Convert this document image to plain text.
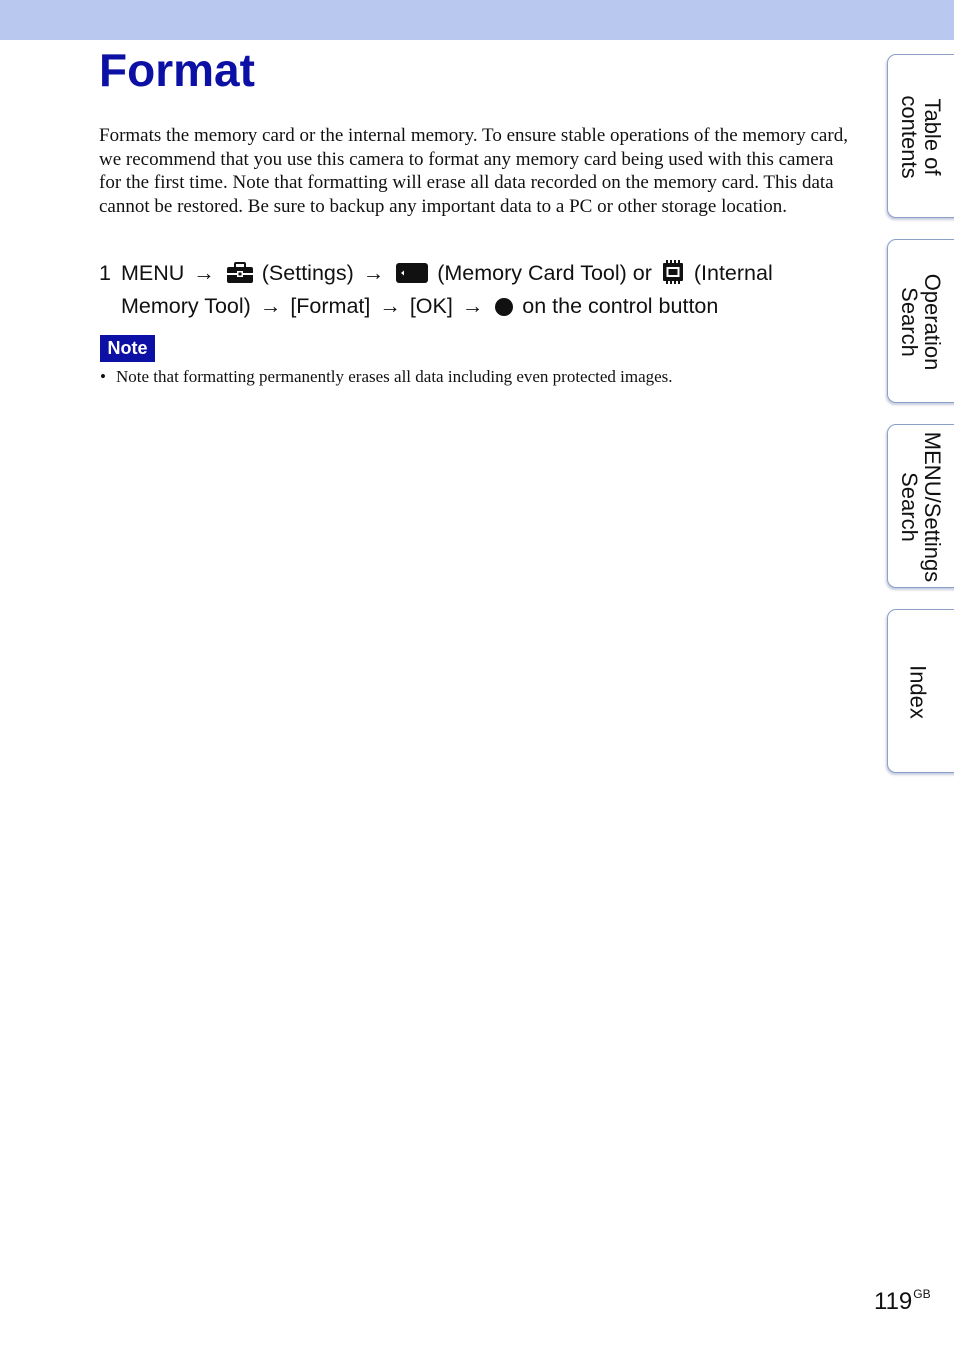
Format

Formats the memory card or the internal memory. To ensure stable operations of the memory card, we recommend that you use this camera to format any memory card being used with this camera for the first time. Note that formatting will erase all data recorded on the memory card. This data cannot be restored. Be sure to backup any important data to a PC or other storage location.

1 MENU → (Settings) → (Memory Card Tool) or (Internal
Memory Tool) → [Format] → [OK] → on the control button
Note
• Note that formatting permanently erases all data including even protected images.
Table of
contents
Operation
Search
MENU/Settings
Search
Index
$119^{GB}$
